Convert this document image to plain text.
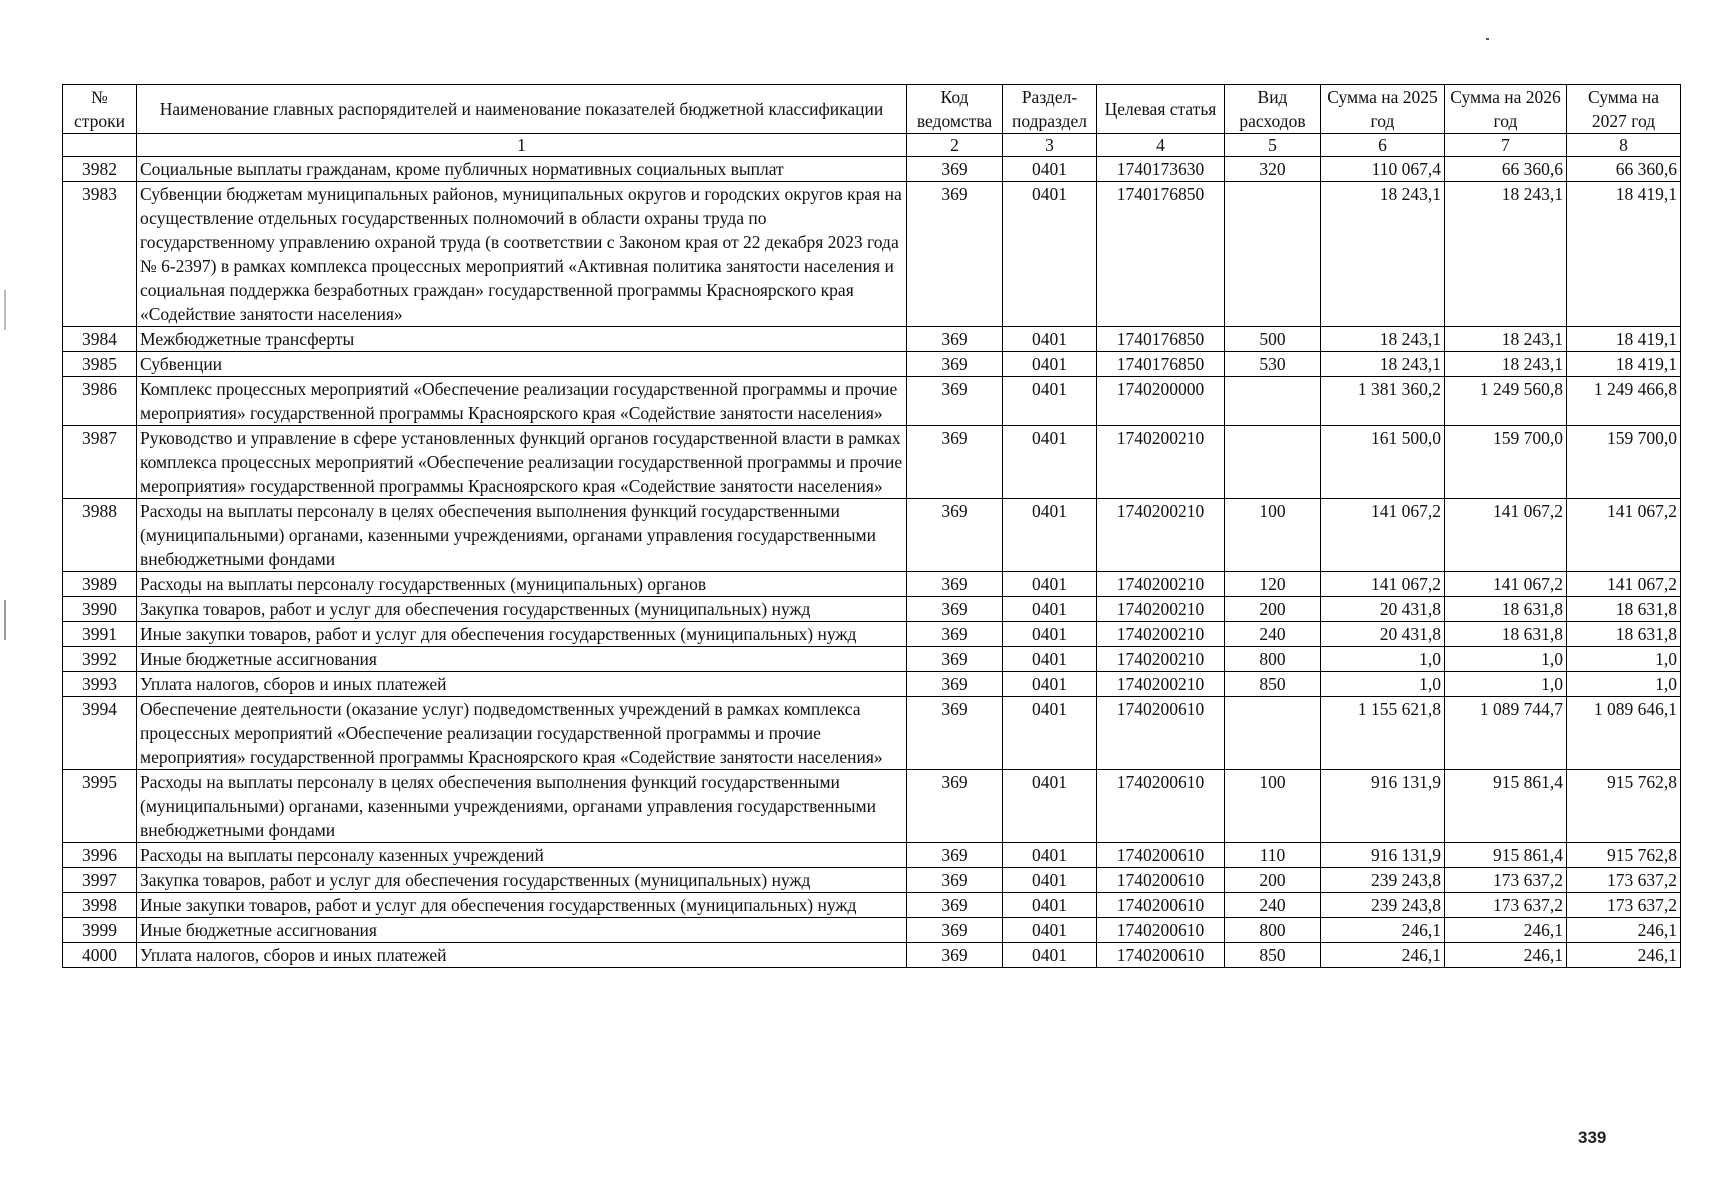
№ строки	Наименование главных распорядителей и наименование показателей бюджетной классификации	Код ведомства	Раздел- подраздел	Целевая статья	Вид расходов	Сумма на 2025 год	Сумма на 2026 год	Сумма на 2027 год
	1	2	3	4	5	6	7	8
3982	Социальные выплаты гражданам, кроме публичных нормативных социальных выплат	369	0401	1740173630	320	110 067,4	66 360,6	66 360,6
3983	Субвенции бюджетам муниципальных районов, муниципальных округов и городских округов края на осуществление отдельных государственных полномочий в области охраны труда по государственному управлению охраной труда (в соответствии с Законом края от 22 декабря 2023 года № 6-2397) в рамках комплекса процессных мероприятий «Активная политика занятости населения и социальная поддержка безработных граждан» государственной программы Красноярского края «Содействие занятости населения»	369	0401	1740176850		18 243,1	18 243,1	18 419,1
3984	Межбюджетные трансферты	369	0401	1740176850	500	18 243,1	18 243,1	18 419,1
3985	Субвенции	369	0401	1740176850	530	18 243,1	18 243,1	18 419,1
3986	Комплекс процессных мероприятий «Обеспечение реализации государственной программы и прочие мероприятия» государственной программы Красноярского края «Содействие занятости населения»	369	0401	1740200000		1 381 360,2	1 249 560,8	1 249 466,8
3987	Руководство и управление в сфере установленных функций органов государственной власти в рамках комплекса процессных мероприятий «Обеспечение реализации государственной программы и прочие мероприятия» государственной программы Красноярского края «Содействие занятости населения»	369	0401	1740200210		161 500,0	159 700,0	159 700,0
3988	Расходы на выплаты персоналу в целях обеспечения выполнения функций государственными (муниципальными) органами, казенными учреждениями, органами управления государственными внебюджетными фондами	369	0401	1740200210	100	141 067,2	141 067,2	141 067,2
3989	Расходы на выплаты персоналу государственных (муниципальных) органов	369	0401	1740200210	120	141 067,2	141 067,2	141 067,2
3990	Закупка товаров, работ и услуг для обеспечения государственных (муниципальных) нужд	369	0401	1740200210	200	20 431,8	18 631,8	18 631,8
3991	Иные закупки товаров, работ и услуг для обеспечения государственных (муниципальных) нужд	369	0401	1740200210	240	20 431,8	18 631,8	18 631,8
3992	Иные бюджетные ассигнования	369	0401	1740200210	800	1,0	1,0	1,0
3993	Уплата налогов, сборов и иных платежей	369	0401	1740200210	850	1,0	1,0	1,0
3994	Обеспечение деятельности (оказание услуг) подведомственных учреждений в рамках комплекса процессных мероприятий «Обеспечение реализации государственной программы и прочие мероприятия» государственной программы Красноярского края «Содействие занятости населения»	369	0401	1740200610		1 155 621,8	1 089 744,7	1 089 646,1
3995	Расходы на выплаты персоналу в целях обеспечения выполнения функций государственными (муниципальными) органами, казенными учреждениями, органами управления государственными внебюджетными фондами	369	0401	1740200610	100	916 131,9	915 861,4	915 762,8
3996	Расходы на выплаты персоналу казенных учреждений	369	0401	1740200610	110	916 131,9	915 861,4	915 762,8
3997	Закупка товаров, работ и услуг для обеспечения государственных (муниципальных) нужд	369	0401	1740200610	200	239 243,8	173 637,2	173 637,2
3998	Иные закупки товаров, работ и услуг для обеспечения государственных (муниципальных) нужд	369	0401	1740200610	240	239 243,8	173 637,2	173 637,2
3999	Иные бюджетные ассигнования	369	0401	1740200610	800	246,1	246,1	246,1
4000	Уплата налогов, сборов и иных платежей	369	0401	1740200610	850	246,1	246,1	246,1
339
